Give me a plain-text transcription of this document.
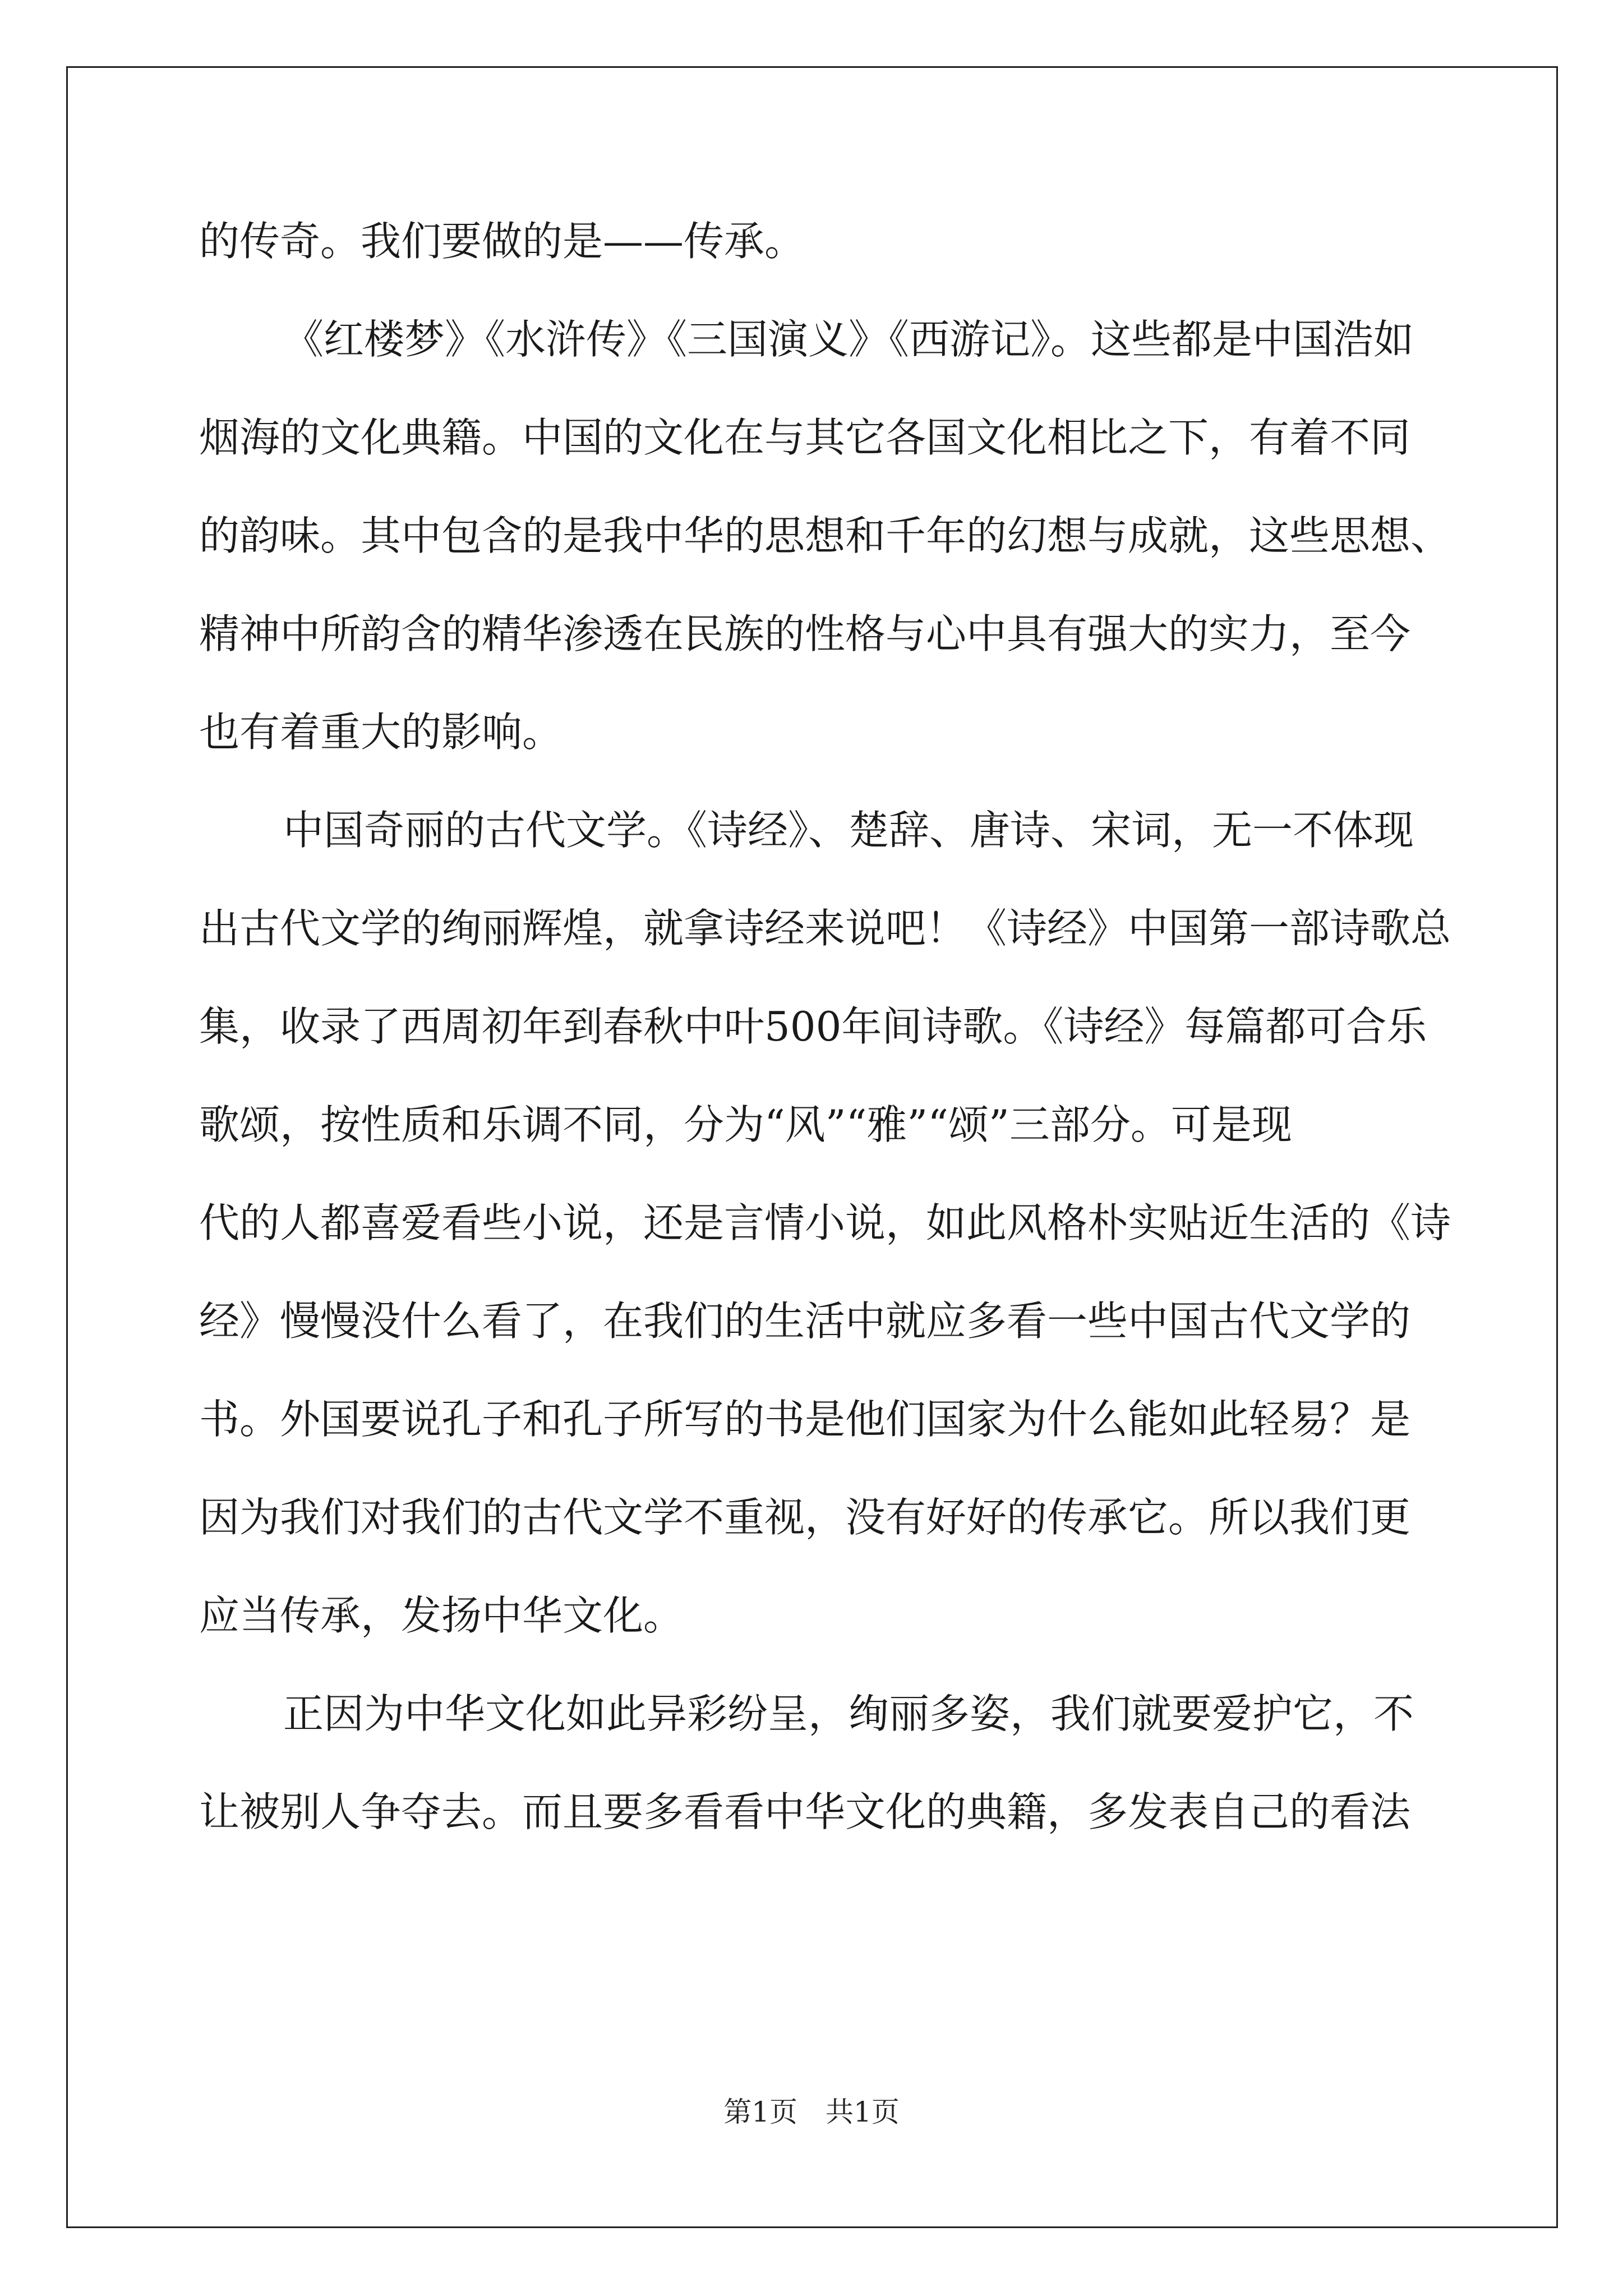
的传奇。我们要做的是——传承。
《红楼梦》《水浒传》《三国演义》《西游记》。这些都是中国浩如
烟海的文化典籍。中国的文化在与其它各国文化相比之下，有着不同
的韵味。其中包含的是我中华的思想和千年的幻想与成就，这些思想、
精神中所韵含的精华渗透在民族的性格与心中具有强大的实力，至今
也有着重大的影响。
中国奇丽的古代文学。《诗经》、楚辞、唐诗、宋词，无一不体现
出古代文学的绚丽辉煌，就拿诗经来说吧！《诗经》中国第一部诗歌总
集，收录了西周初年到春秋中叶500年间诗歌。《诗经》每篇都可合乐
歌颂，按性质和乐调不同，分为“风”“雅”“颂”三部分。可是现
代的人都喜爱看些小说，还是言情小说，如此风格朴实贴近生活的《诗
经》慢慢没什么看了，在我们的生活中就应多看一些中国古代文学的
书。外国要说孔子和孔子所写的书是他们国家为什么能如此轻易？是
因为我们对我们的古代文学不重视，没有好好的传承它。所以我们更
应当传承，发扬中华文化。
正因为中华文化如此异彩纷呈，绚丽多姿，我们就要爱护它，不
让被别人争夺去。而且要多看看中华文化的典籍，多发表自己的看法
第1页　共1页
